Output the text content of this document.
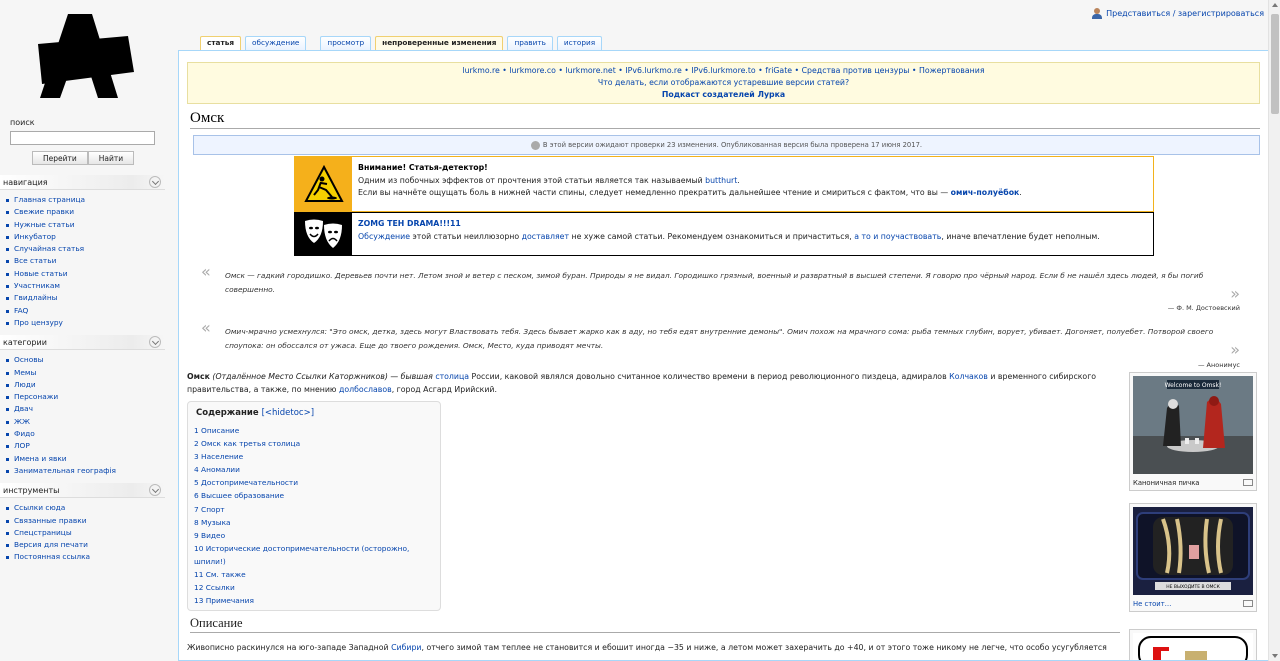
Представиться / зарегистрироваться
поиск
Перейти	Найти
навигация
Главная страница
Свежие правки
Нужные статьи
Инкубатор
Случайная статья
Все статьи
Новые статьи
Участникам
Гвидлайны
FAQ
Про цензуру
категории
Основы
Мемы
Люди
Персонажи
Двач
ЖЖ
Фидо
ЛОР
Имена и явки
Занимательная географія
инструменты
Ссылки сюда
Связанные правки
Спецстраницы
Версия для печати
Постоянная ссылка
статья	обсуждение	просмотр	непроверенные изменения	править	история
lurkmo.re • lurkmore.co • lurkmore.net • IPv6.lurkmo.re • IPv6.lurkmore.to • friGate • Средства против цензуры • Пожертвования
Что делать, если отображаются устаревшие версии статей?
Подкаст создателей Лурка
Омск
В этой версии ожидают проверки 23 изменения. Опубликованная версия была проверена 17 июня 2017.
Внимание! Статья-детектор!
Одним из побочных эффектов от прочтения этой статьи является так называемый butthurt.
Если вы начнёте ощущать боль в нижней части спины, следует немедленно прекратить дальнейшее чтение и смириться с фактом, что вы — омич-полуёбок.
ZOMG TEH DRAMA!!!11
Обсуждение этой статьи неиллюзорно доставляет не хуже самой статьи. Рекомендуем ознакомиться и причаститься, а то и поучаствовать, иначе впечатление будет неполным.
« Омск — гадкий городишко. Деревьев почти нет. Летом зной и ветер с песком, зимой буран. Природы я не видал. Городишко грязный, военный и развратный в высшей степени. Я говорю про чёрный народ. Если б не нашёл здесь людей, я бы погиб совершенно.	»
— Ф. М. Достоевский
« Омич-мрачно усмехнулся: "Это омск, детка, здесь могут Властвовать тебя. Здесь бывает жарко как в аду, но тебя едят внутренние демоны". Омич похож на мрачного сома: рыба темных глубин, ворует, убивает. Догоняет, полуебет. Потворой своего споупока: он обоссался от ужаса. Еще до твоего рождения. Омск, Место, куда приводят мечты.	»
— Анонимус
Омск (Отдалённое Место Ссылки Каторжников) — бывшая столица России, каковой являлся довольно считанное количество времени в период революционного пиздеца, адмиралов Колчаков и временного сибирского правительства, а также, по мнению долбославов, город Асгард Ирийский.
Содержание [<hidetoc>]
1 Описание
2 Омск как третья столица
3 Население
4 Аномалии
5 Достопримечательности
6 Высшее образование
7 Спорт
8 Музыка
9 Видео
10 Исторические достопримечательности (осторожно, шпили!)
11 См. также
12 Ссылки
13 Примечания
Welcome to Omsk!
Каноничная пичка
НЕ ВЫХОДИТЕ В ОМСК
Не стоит…
Описание
Живописно раскинулся на юго-западе Западной Сибири, отчего зимой там теплее не становится и ебошит иногда −35 и ниже, а летом может захерачить до +40, и от этого тоже никому не легче, что особо усугубляется
